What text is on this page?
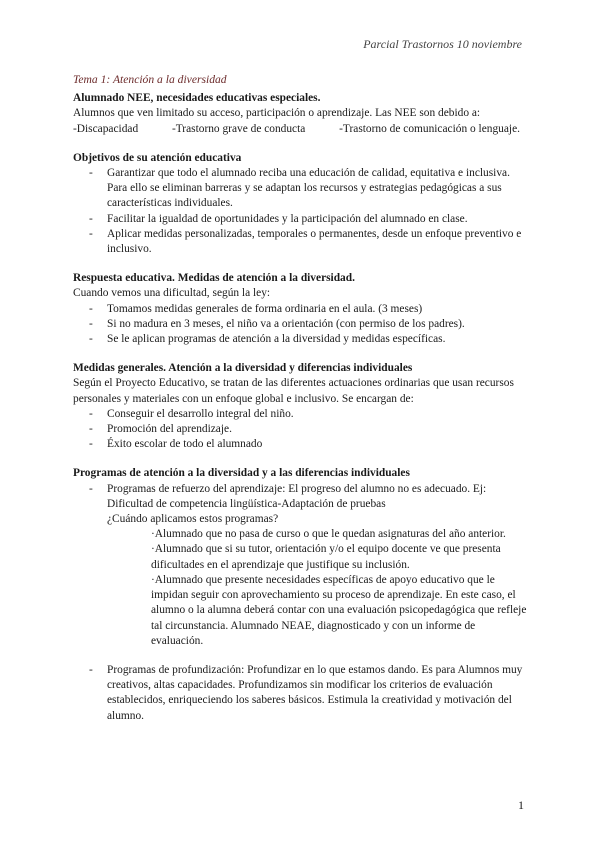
Parcial Trastornos 10 noviembre
Tema 1: Atención a la diversidad

Alumnado NEE, necesidades educativas especiales.

Alumnos que ven limitado su acceso, participación o aprendizaje. Las NEE son debido a:

-Discapacidad	-Trastorno grave de conducta	-Trastorno de comunicación o lenguaje.

Objetivos de su atención educativa

- Garantizar que todo el alumnado reciba una educación de calidad, equitativa e inclusiva. Para ello se eliminan barreras y se adaptan los recursos y estrategias pedagógicas a sus características individuales.
- Facilitar la igualdad de oportunidades y la participación del alumnado en clase.
- Aplicar medidas personalizadas, temporales o permanentes, desde un enfoque preventivo e inclusivo.

Respuesta educativa. Medidas de atención a la diversidad.

Cuando vemos una dificultad, según la ley:

- Tomamos medidas generales de forma ordinaria en el aula. (3 meses)
- Si no madura en 3 meses, el niño va a orientación (con permiso de los padres).
- Se le aplican programas de atención a la diversidad y medidas específicas.

Medidas generales. Atención a la diversidad y diferencias individuales

Según el Proyecto Educativo, se tratan de las diferentes actuaciones ordinarias que usan recursos personales y materiales con un enfoque global e inclusivo. Se encargan de:

- Conseguir el desarrollo integral del niño.
- Promoción del aprendizaje.
- Éxito escolar de todo el alumnado

Programas de atención a la diversidad y a las diferencias individuales

- Programas de refuerzo del aprendizaje: El progreso del alumno no es adecuado. Ej: Dificultad de competencia lingüística-Adaptación de pruebas

¿Cuándo aplicamos estos programas?

·Alumnado que no pasa de curso o que le quedan asignaturas del año anterior.

·Alumnado que si su tutor, orientación y/o el equipo docente ve que presenta dificultades en el aprendizaje que justifique su inclusión.

·Alumnado que presente necesidades específicas de apoyo educativo que le impidan seguir con aprovechamiento su proceso de aprendizaje. En este caso, el alumno o la alumna deberá contar con una evaluación psicopedagógica que refleje tal circunstancia. Alumnado NEAE, diagnosticado y con un informe de evaluación.

- Programas de profundización: Profundizar en lo que estamos dando. Es para Alumnos muy creativos, altas capacidades. Profundizamos sin modificar los criterios de evaluación establecidos, enriqueciendo los saberes básicos. Estimula la creatividad y motivación del alumno.
1
